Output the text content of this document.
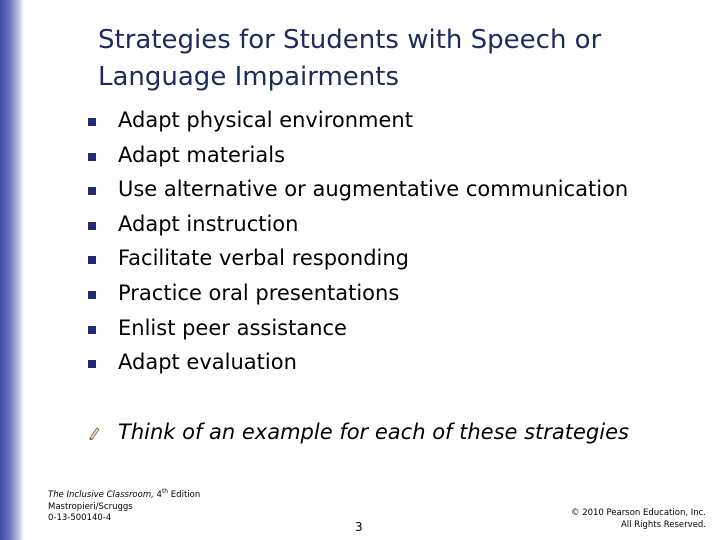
Strategies for Students with Speech or
Language Impairments
Adapt physical environment
Adapt materials
Use alternative or augmentative communication
Adapt instruction
Facilitate verbal responding
Practice oral presentations
Enlist peer assistance
Adapt evaluation
Think of an example for each of these strategies
The Inclusive Classroom, 4th Edition
Mastropieri/Scruggs
0-13-500140-4
3
© 2010 Pearson Education, Inc.
All Rights Reserved.
